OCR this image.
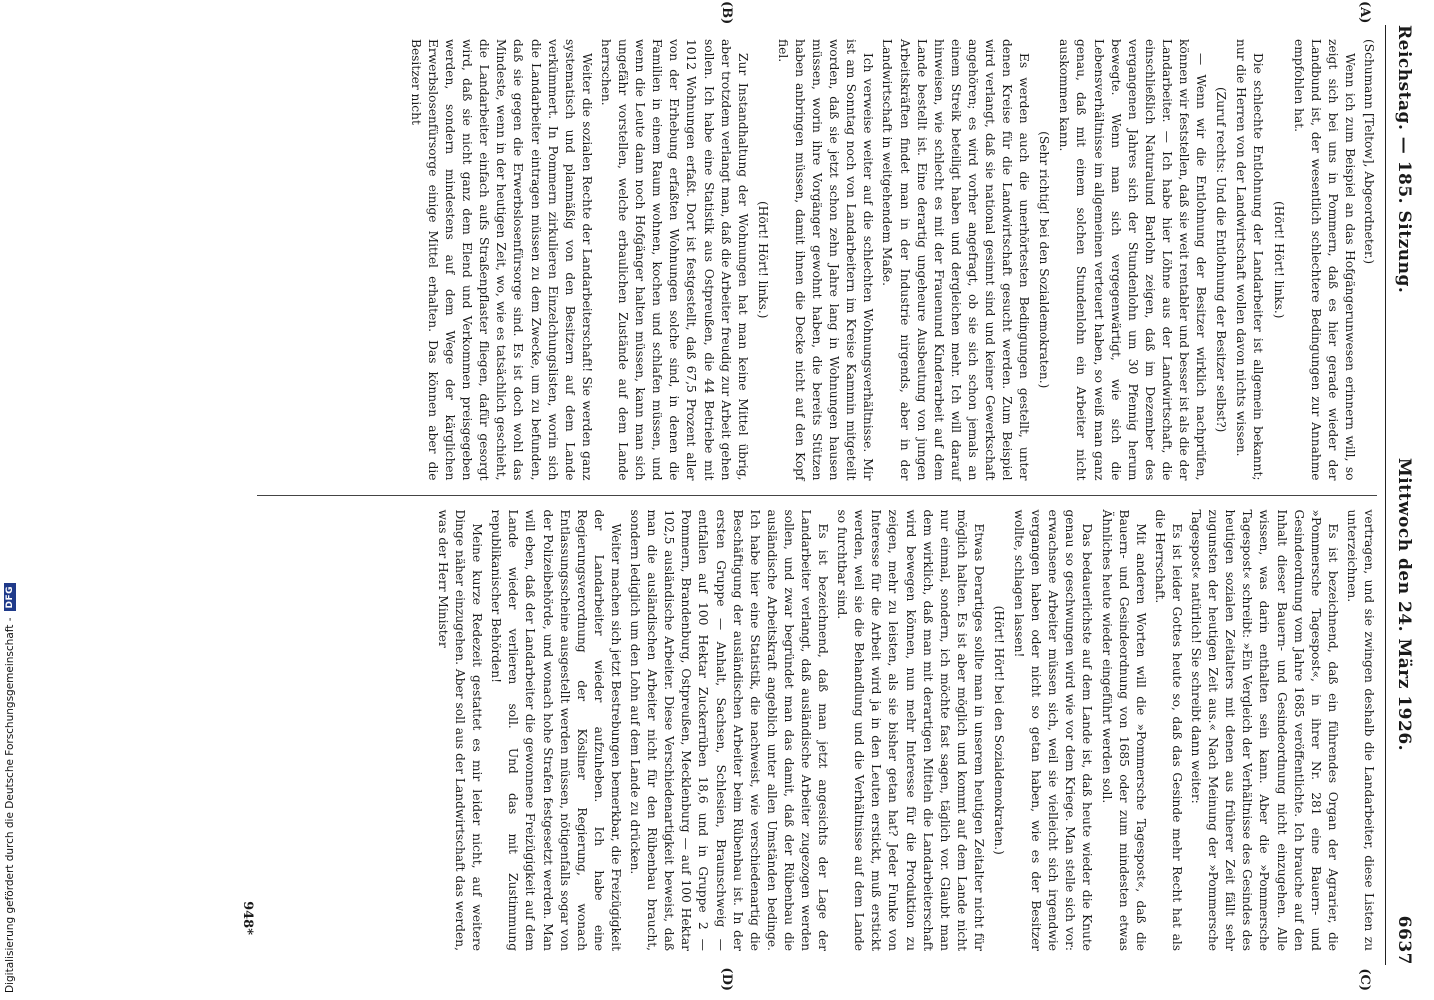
Reichstag. — 185. Sitzung.
Mittwoch den 24. März 1926.
6637

(Schumann [Teltow], Abgeordneter.)

Wenn ich zum Beispiel an das Hofgängerunwesen erinnern will, so zeigt sich bei uns in Pommern, daß es hier gerade wieder der Landbund ist, der wesentlich schlechtere Bedingungen zur Annahme empfohlen hat.

(Hört! Hört! links.)

Die schlechte Entlohnung der Landarbeiter ist allgemein bekannt; nur die Herren von der Landwirtschaft wollen davon nichts wissen.

(Zuruf rechts: Und die Entlohnung der Besitzer selbst?)

— Wenn wir die Entlohnung der Besitzer wirklich nachprüfen, können wir feststellen, daß sie weit rentabler und besser ist als die der Landarbeiter. — Ich habe hier Löhne aus der Landwirtschaft, die einschließlich Naturalund Barlohn zeigen, daß im Dezember des vergangenen Jahres sich der Stundenlohn um 30 Pfennig herum bewegte. Wenn man sich vergegenwärtigt, wie sich die Lebensverhältnisse im allgemeinen verteuert haben, so weiß man ganz genau, daß mit einem solchen Stundenlohn ein Arbeiter nicht auskommen kann.

(Sehr richtig! bei den Sozialdemokraten.)

Es werden auch die unerhörtesten Bedingungen gestellt, unter denen Kreise für die Landwirtschaft gesucht werden. Zum Beispiel wird verlangt, daß sie national gesinnt sind und keiner Gewerkschaft angehören; es wird vorher angefragt, ob sie sich schon jemals an einem Streik beteiligt haben und dergleichen mehr. Ich will darauf hinweisen, wie schlecht es mit der Frauenund Kinderarbeit auf dem Lande bestellt ist. Eine derartig ungeheure Ausbeutung von jungen Arbeitskräften findet man in der Industrie nirgends, aber in der Landwirtschaft in weitgehendem Maße.

Ich verweise weiter auf die schlechten Wohnungsverhältnisse. Mir ist am Sonntag noch von Landarbeitern im Kreise Kammin mitgeteilt worden, daß sie jetzt schon zehn Jahre lang in Wohnungen hausen müssen, worin ihre Vorgänger gewohnt haben, die bereits Stützen haben anbringen müssen, damit ihnen die Decke nicht auf den Kopf fiel.

(Hört! Hört! links.)

Zur Instandhaltung der Wohnungen hat man keine Mittel übrig, aber trotzdem verlangt man, daß die Arbeiter freudig zur Arbeit gehen sollen. Ich habe eine Statistik aus Ostpreußen, die 44 Betriebe mit 1012 Wohnungen erfaßt. Dort ist festgestellt, daß 67,5 Prozent aller von der Erhebung erfaßten Wohnungen solche sind, in denen die Familien in einem Raum wohnen, kochen und schlafen müssen, und wenn die Leute dann noch Hofgänger halten müssen, kann man sich ungefähr vorstellen, welche erbaulichen Zustände auf dem Lande herrschen.

Weiter die sozialen Rechte der Landarbeiterschaft! Sie werden ganz systematisch und planmäßig von den Besitzern auf dem Lande verkümmert. In Pommern zirkulieren Einzelchungslisten, worin sich die Landarbeiter eintragen müssen zu dem Zwecke, um zu befunden, daß sie gegen die Erwerbslosenfürsorge sind. Es ist doch wohl das Mindeste, wenn in der heutigen Zeit, wo, wie es tatsächlich geschieht, die Landarbeiter einfach aufs Straßenpflaster fliegen, dafür gesorgt wird, daß sie nicht ganz dem Elend und Verkommen preisgegeben werden, sondern mindestens auf dem Wege der kärglichen Erwerbslosenfürsorge einige Mittel erhalten. Das können aber die Besitzer nicht

vertragen, und sie zwingen deshalb die Landarbeiter, diese Listen zu unterzeichnen.

Es ist bezeichnend, daß ein führendes Organ der Agrarier, die »Pommersche Tagespost«, in ihrer Nr. 281 eine Bauern- und Gesindeordnung vom Jahre 1685 veröffentlichte. Ich brauche auf den Inhalt dieser Bauern- und Gesindeordnung nicht einzugehen. Alle wissen, was darin enthalten sein kann. Aber die »Pommersche Tagespost« schreibt: »Ein Vergleich der Verhältnisse des Gesindes des heutigen sozialen Zeitalters mit denen aus früherer Zeit fällt sehr zugunsten der heutigen Zeit aus.« Nach Meinung der »Pommersche Tagespost« natürlich! Sie schreibt dann weiter:

Es ist leider Gottes heute so, daß das Gesinde mehr Recht hat als die Herrschaft.

Mit anderen Worten will die »Pommersche Tagespost«, daß die Bauern- und Gesindeordnung von 1685 oder zum mindesten etwas Ähnliches heute wieder eingeführt werden soll.

Das bedauerlichste auf dem Lande ist, daß heute wieder die Knute genau so geschwungen wird wie vor dem Kriege. Man stelle sich vor: erwachsene Arbeiter müssen sich, weil sie vielleicht sich irgendwie vergangen haben oder nicht so getan haben, wie es der Besitzer wollte, schlagen lassen!

(Hört! Hört! bei den Sozialdemokraten.)

Etwas Derartiges sollte man in unserem heutigen Zeitalter nicht für möglich halten. Es ist aber möglich und kommt auf dem Lande nicht nur einmal, sondern, ich möchte fast sagen, täglich vor. Glaubt man dem wirklich, daß man mit derartigen Mitteln die Landarbeiterschaft wird bewegen können, nun mehr Interesse für die Produktion zu zeigen, mehr zu leisten, als sie bisher getan hat? Jeder Funke von Interesse für die Arbeit wird ja in den Leuten erstickt, muß erstickt werden, weil sie die Behandlung und die Verhältnisse auf dem Lande so furchtbar sind.

Es ist bezeichnend, daß man jetzt angesichts der Lage der Landarbeiter verlangt, daß ausländische Arbeiter zugezogen werden sollen, und zwar begründet man das damit, daß der Rübenbau die ausländische Arbeitskraft angeblich unter allen Umständen bedinge. Ich habe hier eine Statistik, die nachweist, wie verschiedenartig die Beschäftigung der ausländischen Arbeiter beim Rübenbau ist. In der ersten Gruppe — Anhalt, Sachsen, Schlesien, Braunschweig — entfallen auf 100 Hektar Zuckerrüben 18,6 und in Gruppe 2 — Pommern, Brandenburg, Ostpreußen, Mecklenburg — auf 100 Hektar 102,5 ausländische Arbeiter. Diese Verschiedenartigkeit beweist, daß man die ausländischen Arbeiter nicht für den Rübenbau braucht, sondern lediglich um den Lohn auf dem Lande zu drücken.

Weiter machen sich jetzt Bestrebungen bemerkbar, die Freizügigkeit der Landarbeiter wieder aufzuheben. Ich habe eine Regierungsverordnung der Kösliner Regierung, wonach Entlassungsscheine ausgestellt werden müssen, nötigenfalls sogar von der Polizeibehörde, und wonach hohe Strafen festgesetzt werden. Man will eben, daß der Landarbeiter die gewonnene Freizügigkeit auf dem Lande wieder verlieren soll. Und das mit Zustimmung republikanischer Behörden!

Meine kurze Redezeit gestattet es mir leider nicht, auf weitere Dinge näher einzugehen. Aber soll aus der Landwirtschaft das werden, was der Herr Minister

948*
(A)
(B)
(C)
(D)
Digitalisierung gefördert durch die Deutsche Forschungsgemeinschaft -
DFG
